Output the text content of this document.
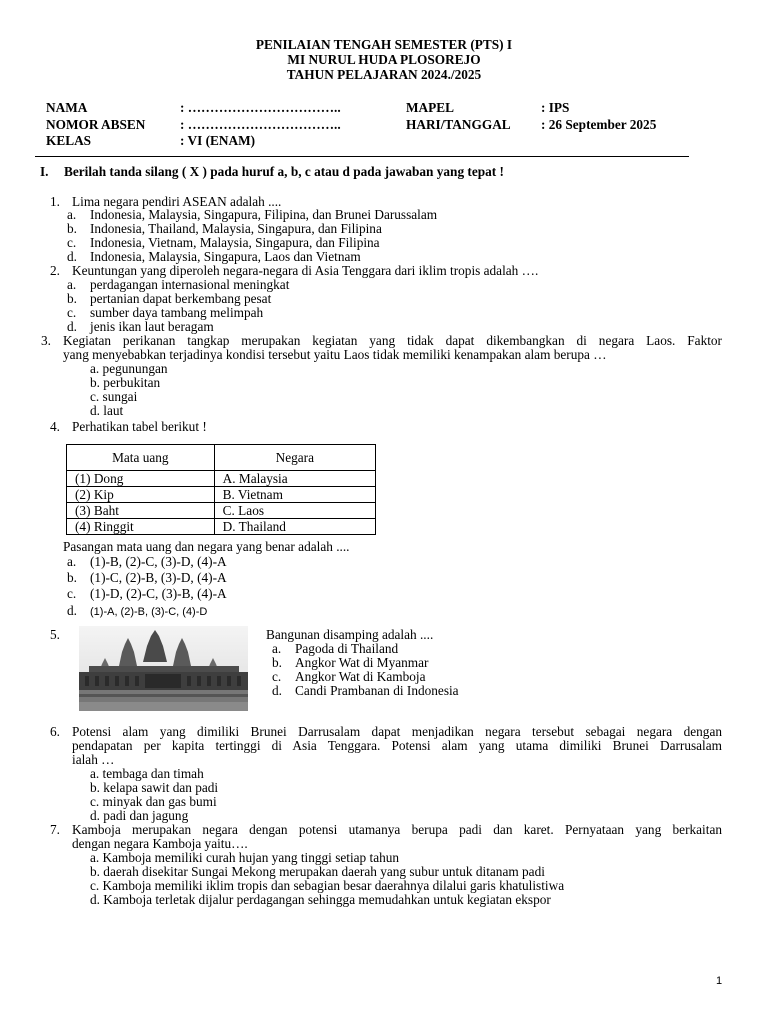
PENILAIAN TENGAH SEMESTER (PTS) I
MI NURUL HUDA PLOSOREJO
TAHUN PELAJARAN 2024./2025
NAMA	: ……………………………..
NOMOR ABSEN	: ……………………………..
KELAS	: VI (ENAM)
MAPEL	: IPS
HARI/TANGGAL : 26 September 2025
I. Berilah tanda silang ( X ) pada huruf a, b, c atau d pada jawaban yang tepat !
1. Lima negara pendiri ASEAN adalah ....
a. Indonesia, Malaysia, Singapura, Filipina, dan Brunei Darussalam
b. Indonesia, Thailand, Malaysia, Singapura, dan Filipina
c. Indonesia, Vietnam, Malaysia, Singapura, dan Filipina
d. Indonesia, Malaysia, Singapura, Laos dan Vietnam
2. Keuntungan yang diperoleh negara-negara di Asia Tenggara dari iklim tropis adalah ….
a. perdagangan internasional meningkat
b. pertanian dapat berkembang pesat
c. sumber daya tambang melimpah
d. jenis ikan laut beragam
3. Kegiatan perikanan tangkap merupakan kegiatan yang tidak dapat dikembangkan di negara Laos. Faktor
yang menyebabkan terjadinya kondisi tersebut yaitu Laos tidak memiliki kenampakan alam berupa …
a. pegunungan
b. perbukitan
c. sungai
d. laut
4. Perhatikan tabel berikut !
Mata uang	Negara
(1) Dong	A. Malaysia
(2) Kip	B. Vietnam
(3) Baht	C. Laos
(4) Ringgit	D. Thailand
Pasangan mata uang dan negara yang benar adalah ....
a. (1)-B, (2)-C, (3)-D, (4)-A
b. (1)-C, (2)-B, (3)-D, (4)-A
c. (1)-D, (2)-C, (3)-B, (4)-A
d. (1)-A, (2)-B, (3)-C, (4)-D
5.	Bangunan disamping adalah ....
a. Pagoda di Thailand
b. Angkor Wat di Myanmar
c. Angkor Wat di Kamboja
d. Candi Prambanan di Indonesia
6. Potensi alam yang dimiliki Brunei Darrusalam dapat menjadikan negara tersebut sebagai negara dengan
pendapatan per kapita tertinggi di Asia Tenggara. Potensi alam yang utama dimiliki Brunei Darrusalam
ialah …
a. tembaga dan timah
b. kelapa sawit dan padi
c. minyak dan gas bumi
d. padi dan jagung
7. Kamboja merupakan negara dengan potensi utamanya berupa padi dan karet. Pernyataan yang berkaitan
dengan negara Kamboja yaitu….
a. Kamboja memiliki curah hujan yang tinggi setiap tahun
b. daerah disekitar Sungai Mekong merupakan daerah yang subur untuk ditanam padi
c. Kamboja memiliki iklim tropis dan sebagian besar daerahnya dilalui garis khatulistiwa
d. Kamboja terletak dijalur perdagangan sehingga memudahkan untuk kegiatan ekspor
1
